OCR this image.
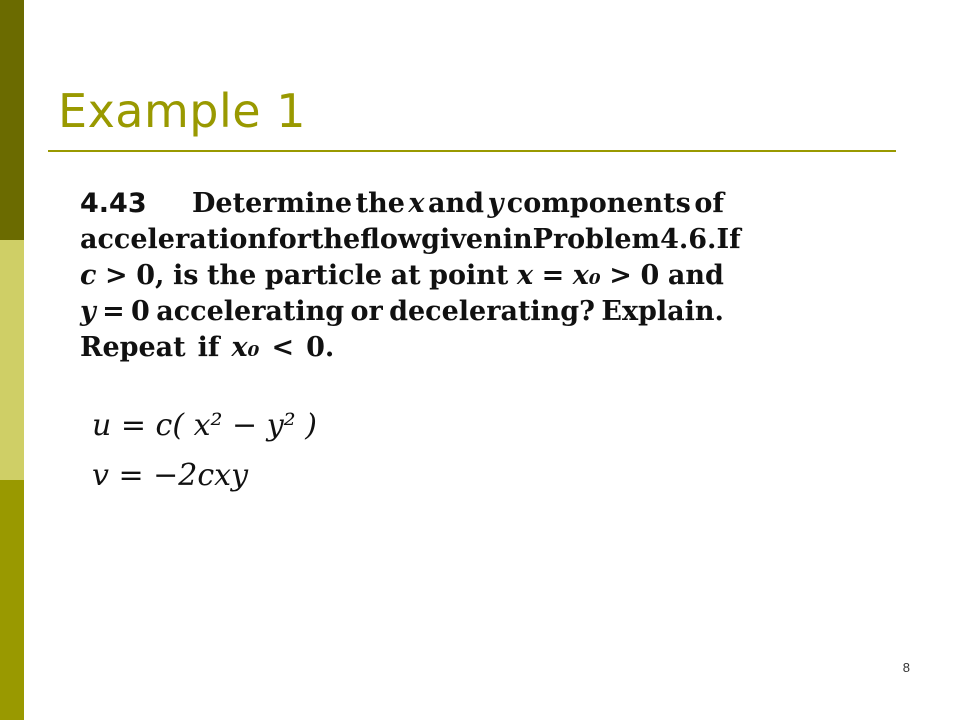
Example 1
4.43 Determine the x and y components of
acceleration for the flow given in Problem 4.6. If
c > 0, is the particle at point x = x₀ > 0 and
y = 0 accelerating or decelerating? Explain.
Repeat if x₀ < 0.
u = c( x² − y² )
v = −2cxy
8
